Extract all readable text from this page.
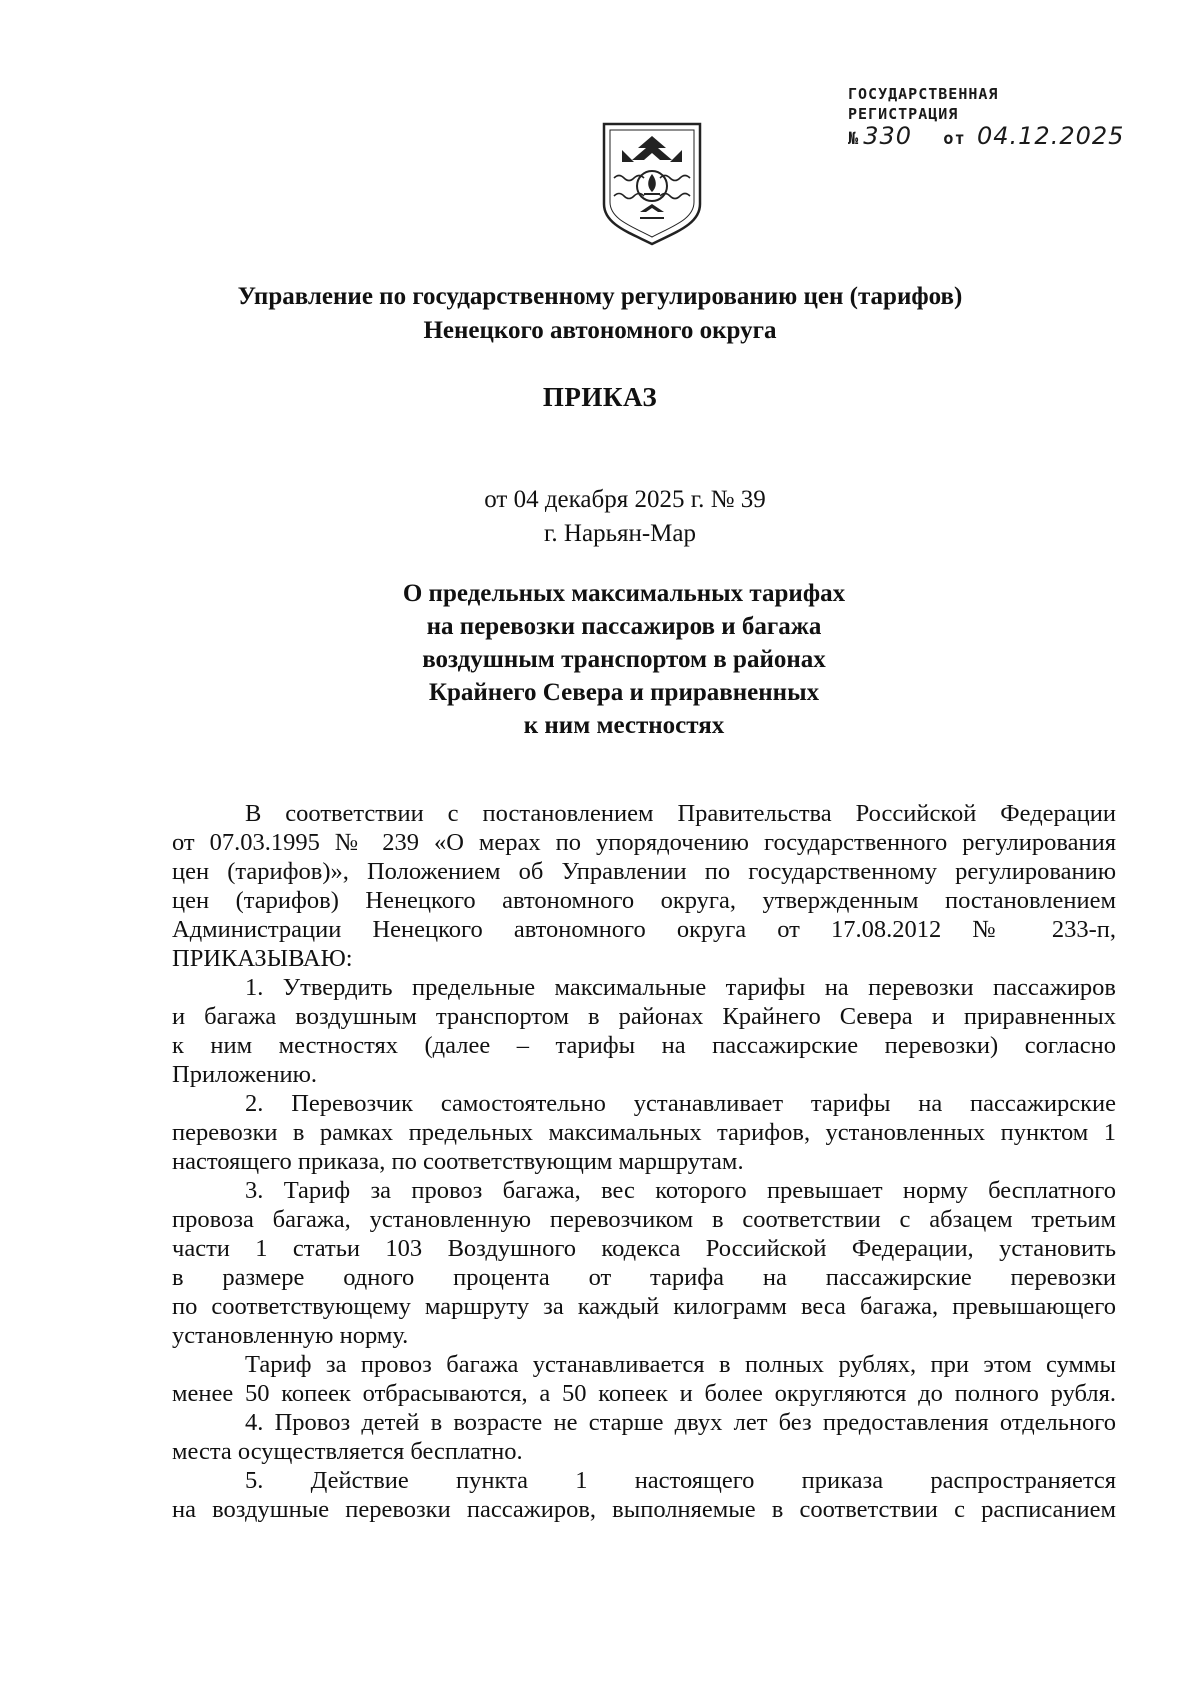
ГОСУДАРСТВЕННАЯ
РЕГИСТРАЦИЯ
№ 330 от 04.12.2025
Управление по государственному регулированию цен (тарифов)
Ненецкого автономного округа
ПРИКАЗ
от 04 декабря 2025 г. № 39
г. Нарьян-Мар
О предельных максимальных тарифах
на перевозки пассажиров и багажа
воздушным транспортом в районах
Крайнего Севера и приравненных
к ним местностях
В соответствии с постановлением Правительства Российской Федерации
от 07.03.1995 № 239 «О мерах по упорядочению государственного регулирования
цен (тарифов)», Положением об Управлении по государственному регулированию
цен (тарифов) Ненецкого автономного округа, утвержденным постановлением
Администрации Ненецкого автономного округа от 17.08.2012 № 233-п,

ПРИКАЗЫВАЮ:

1. Утвердить предельные максимальные тарифы на перевозки пассажиров
и багажа воздушным транспортом в районах Крайнего Севера и приравненных
к ним местностях (далее – тарифы на пассажирские перевозки) согласно

Приложению.

2. Перевозчик самостоятельно устанавливает тарифы на пассажирские
перевозки в рамках предельных максимальных тарифов, установленных пунктом 1

настоящего приказа, по соответствующим маршрутам.

3. Тариф за провоз багажа, вес которого превышает норму бесплатного
провоза багажа, установленную перевозчиком в соответствии с абзацем третьим
части 1 статьи 103 Воздушного кодекса Российской Федерации, установить
в размере одного процента от тарифа на пассажирские перевозки
по соответствующему маршруту за каждый килограмм веса багажа, превышающего

установленную норму.

Тариф за провоз багажа устанавливается в полных рублях, при этом суммы
менее 50 копеек отбрасываются, а 50 копеек и более округляются до полного рубля.
4. Провоз детей в возрасте не старше двух лет без предоставления отдельного

места осуществляется бесплатно.

5. Действие пункта 1 настоящего приказа распространяется
на воздушные перевозки пассажиров, выполняемые в соответствии с расписанием
